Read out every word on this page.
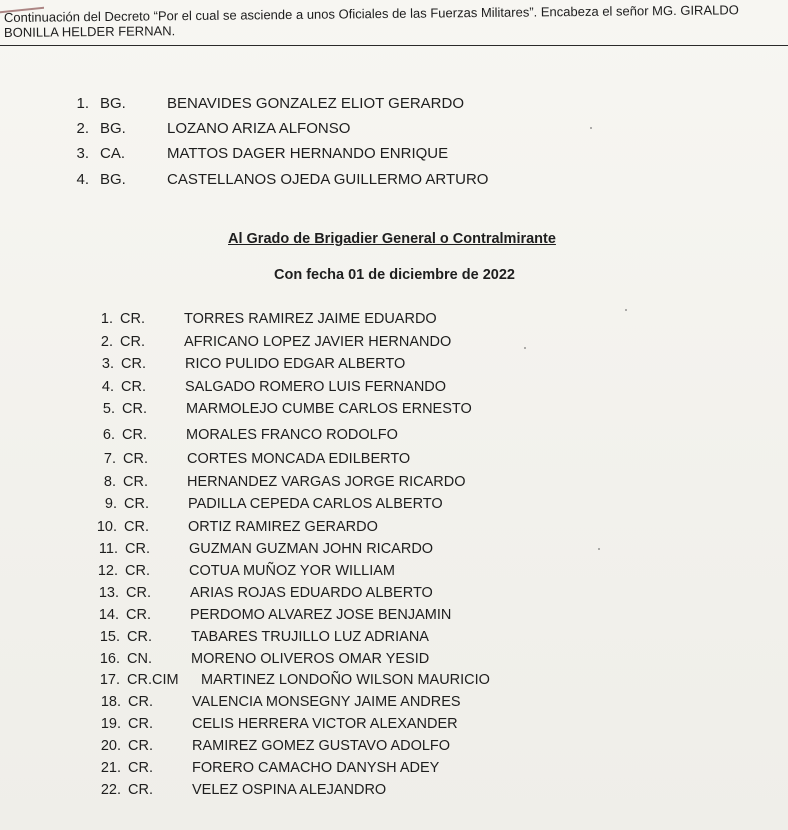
Continuación del Decreto “Por el cual se asciende a unos Oficiales de las Fuerzas Militares”. Encabeza el señor MG. GIRALDO
BONILLA HELDER FERNAN.
1. BG.	BENAVIDES GONZALEZ ELIOT GERARDO
2. BG.	LOZANO ARIZA ALFONSO
3. CA.	MATTOS DAGER HERNANDO ENRIQUE
4. BG.	CASTELLANOS OJEDA GUILLERMO ARTURO
Al Grado de Brigadier General o Contralmirante
Con fecha 01 de diciembre de 2022
1. CR.	TORRES RAMIREZ JAIME EDUARDO
2. CR.	AFRICANO LOPEZ JAVIER HERNANDO
3. CR.	RICO PULIDO EDGAR ALBERTO
4. CR.	SALGADO ROMERO LUIS FERNANDO
5. CR.	MARMOLEJO CUMBE CARLOS ERNESTO
6. CR.	MORALES FRANCO RODOLFO
7. CR.	CORTES MONCADA EDILBERTO
8. CR.	HERNANDEZ VARGAS JORGE RICARDO
9. CR.	PADILLA CEPEDA CARLOS ALBERTO
10. CR.	ORTIZ RAMIREZ GERARDO
11. CR.	GUZMAN GUZMAN JOHN RICARDO
12. CR.	COTUA MUÑOZ YOR WILLIAM
13. CR.	ARIAS ROJAS EDUARDO ALBERTO
14. CR.	PERDOMO ALVAREZ JOSE BENJAMIN
15. CR.	TABARES TRUJILLO LUZ ADRIANA
16. CN.	MORENO OLIVEROS OMAR YESID
17. CR.CIM MARTINEZ LONDOÑO WILSON MAURICIO
18. CR.	VALENCIA MONSEGNY JAIME ANDRES
19. CR.	CELIS HERRERA VICTOR ALEXANDER
20. CR.	RAMIREZ GOMEZ GUSTAVO ADOLFO
21. CR.	FORERO CAMACHO DANYSH ADEY
22. CR.	VELEZ OSPINA ALEJANDRO
